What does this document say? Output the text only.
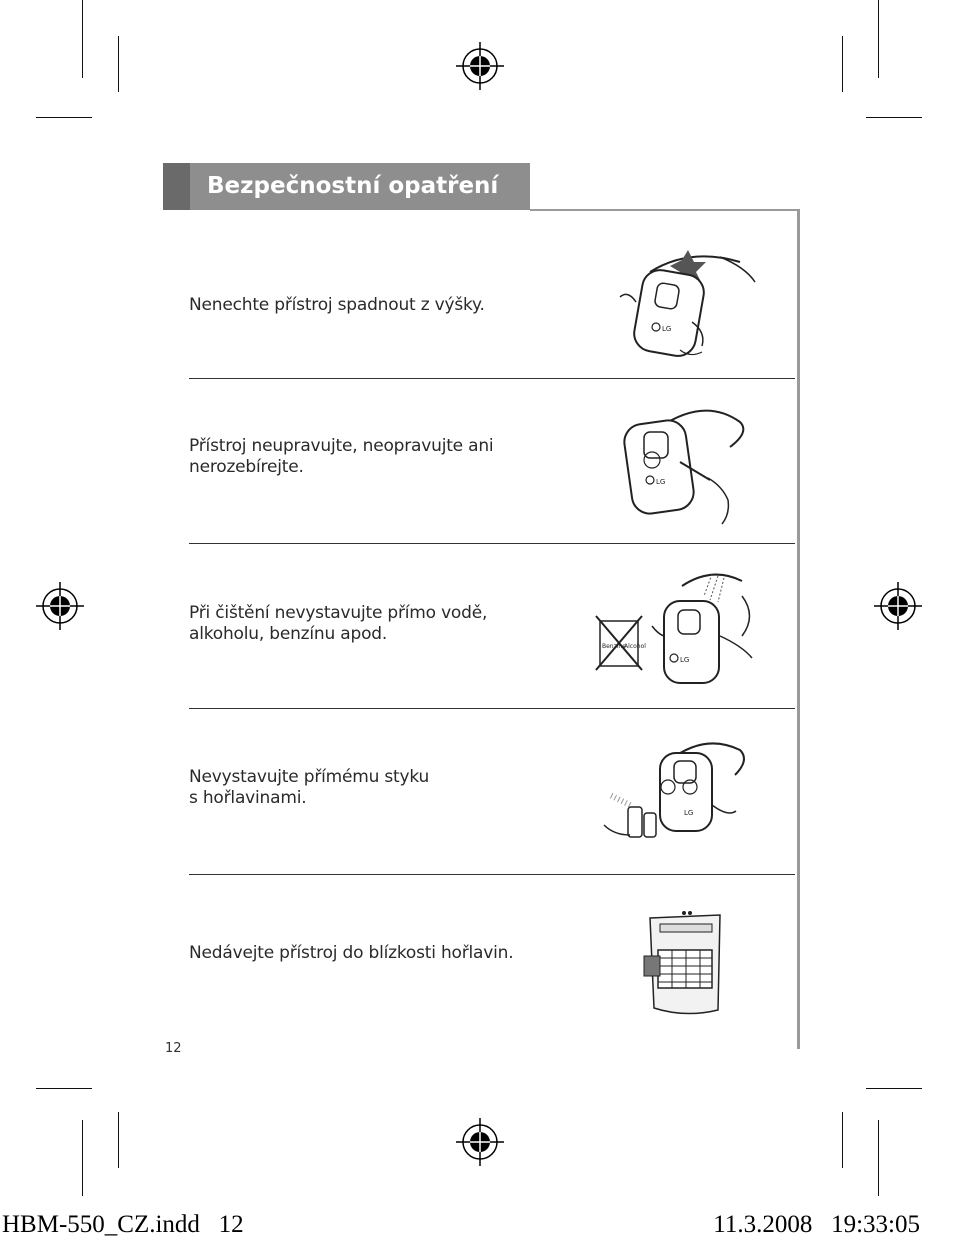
Bezpečnostní opatření
Nenechte přístroj spadnout z výšky.
LG
Přístroj neupravujte, neopravujte ani
nerozebírejte.
LG
Při čištění nevystavujte přímo vodě,
alkoholu, benzínu apod.
Benzine
Alcohol
LG
Nevystavujte přímému styku
s hořlavinami.
LG
Nedávejte přístroj do blízkosti hořlavin.
12
HBM-550_CZ.indd   12	11.3.2008   19:33:05
